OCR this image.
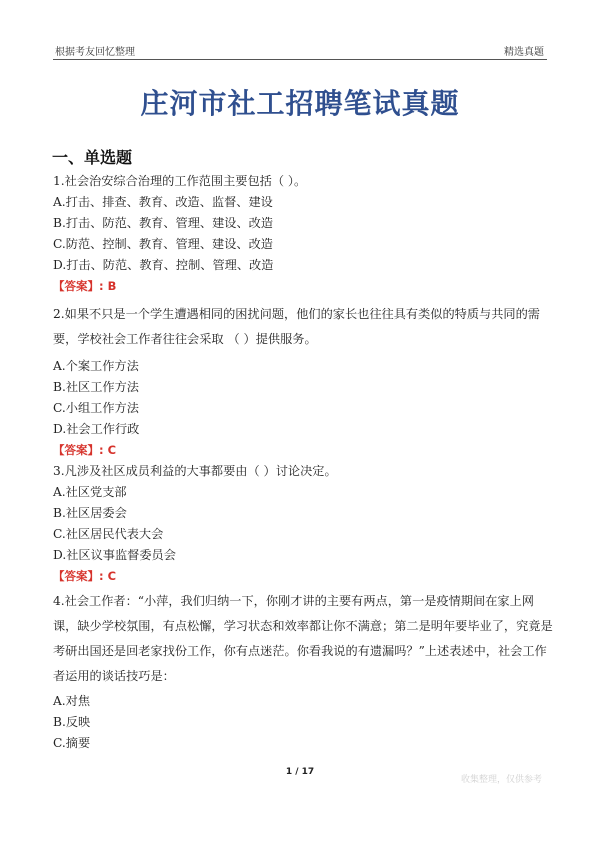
根据考友回忆整理	精选真题
庄河市社工招聘笔试真题
一、单选题
1.社会治安综合治理的工作范围主要包括（ ）。
A.打击、排查、教育、改造、监督、建设
B.打击、防范、教育、管理、建设、改造
C.防范、控制、教育、管理、建设、改造
D.打击、防范、教育、控制、管理、改造
【答案】: B
2.如果不只是一个学生遭遇相同的困扰问题，他们的家长也往往具有类似的特质与共同的需要，学校社会工作者往往会采取 （ ）提供服务。
A.个案工作方法
B.社区工作方法
C.小组工作方法
D.社会工作行政
【答案】: C
3.凡涉及社区成员利益的大事都要由（ ）讨论决定。
A.社区党支部
B.社区居委会
C.社区居民代表大会
D.社区议事监督委员会
【答案】: C
4.社会工作者：“小萍，我们归纳一下，你刚才讲的主要有两点，第一是疫情期间在家上网课，缺少学校氛围，有点松懈，学习状态和效率都让你不满意；第二是明年要毕业了，究竟是考研出国还是回老家找份工作，你有点迷茫。你看我说的有遗漏吗？”上述表述中，社会工作者运用的谈话技巧是：
A.对焦
B.反映
C.摘要
1 / 17
收集整理，仅供参考
